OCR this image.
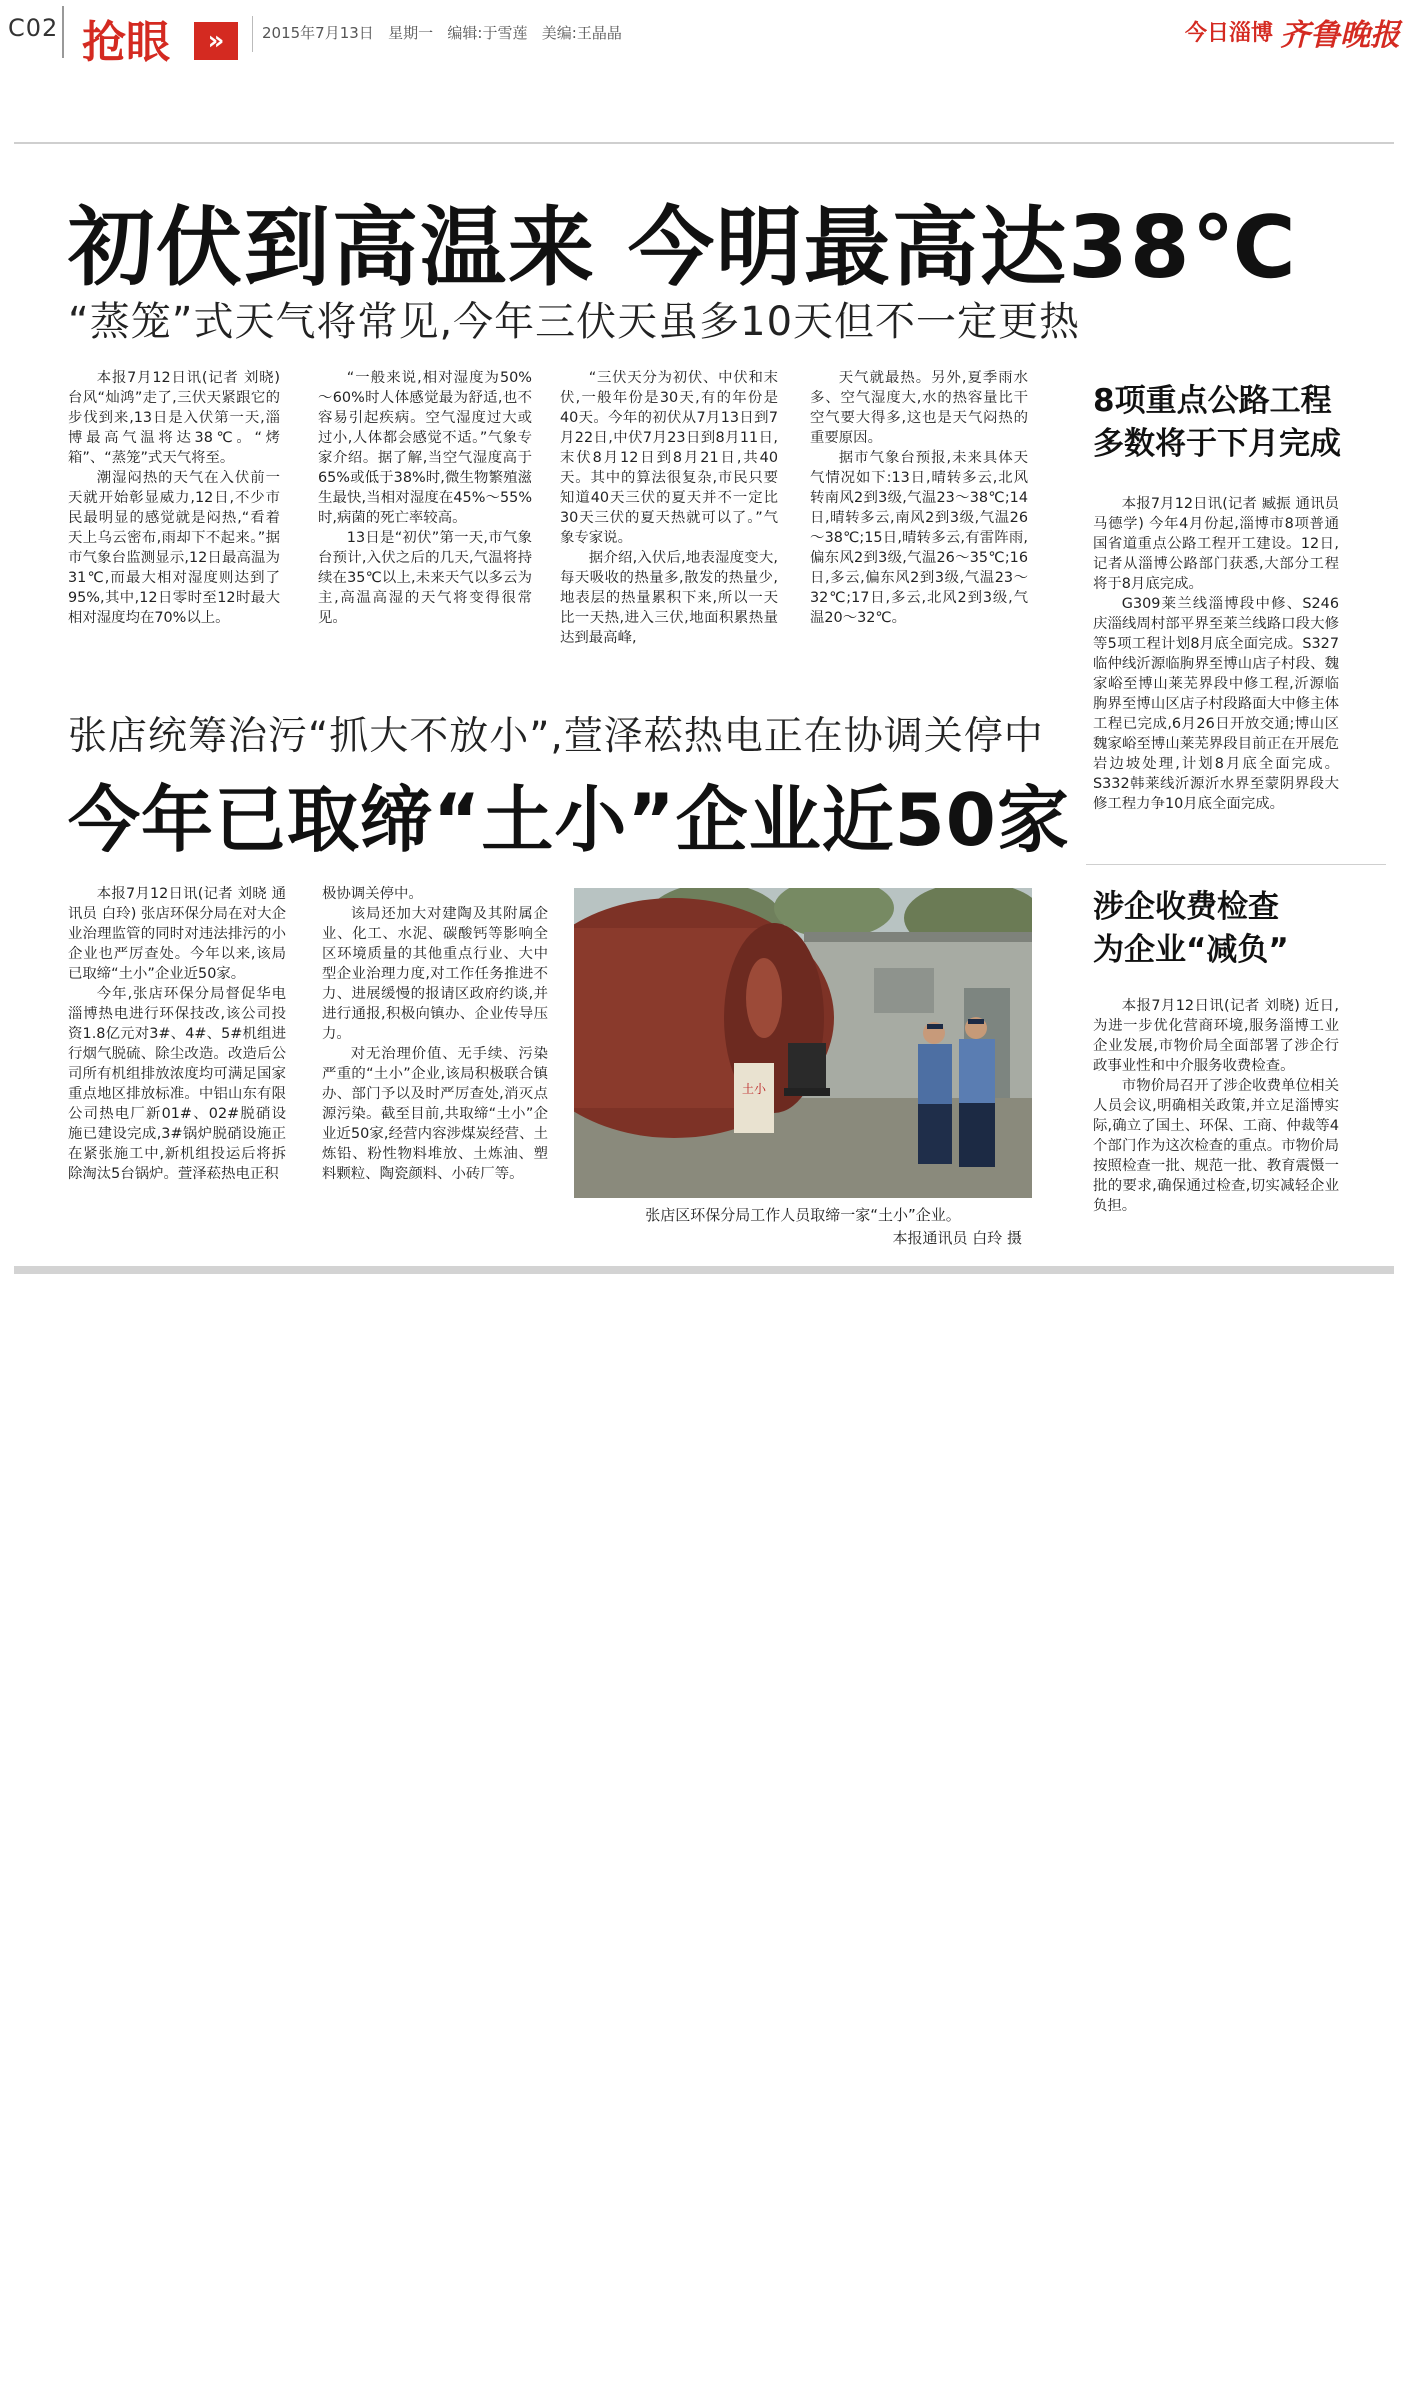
C02 抢眼	»	2015年7月13日   星期一   编辑:于雪莲   美编:王晶晶	今日淄博 齐鲁晚报
初伏到高温来 今明最高达38℃
“蒸笼”式天气将常见,今年三伏天虽多10天但不一定更热

本报7月12日讯(记者 刘晓) 台风“灿鸿”走了,三伏天紧跟它的步伐到来,13日是入伏第一天,淄博最高气温将达38℃。“烤箱”、“蒸笼”式天气将至。

潮湿闷热的天气在入伏前一天就开始彰显威力,12日,不少市民最明显的感觉就是闷热,“看着天上乌云密布,雨却下不起来。”据市气象台监测显示,12日最高温为31℃,而最大相对湿度则达到了95%,其中,12日零时至12时最大相对湿度均在70%以上。

“一般来说,相对湿度为50%～60%时人体感觉最为舒适,也不容易引起疾病。空气湿度过大或过小,人体都会感觉不适。”气象专家介绍。据了解,当空气湿度高于65%或低于38%时,微生物繁殖滋生最快,当相对湿度在45%～55%时,病菌的死亡率较高。

13日是“初伏”第一天,市气象台预计,入伏之后的几天,气温将持续在35℃以上,未来天气以多云为主,高温高湿的天气将变得很常见。

“三伏天分为初伏、中伏和末伏,一般年份是30天,有的年份是40天。今年的初伏从7月13日到7月22日,中伏7月23日到8月11日,末伏8月12日到8月21日,共40天。其中的算法很复杂,市民只要知道40天三伏的夏天并不一定比30天三伏的夏天热就可以了。”气象专家说。

据介绍,入伏后,地表湿度变大,每天吸收的热量多,散发的热量少,地表层的热量累积下来,所以一天比一天热,进入三伏,地面积累热量达到最高峰,

天气就最热。另外,夏季雨水多、空气湿度大,水的热容量比干空气要大得多,这也是天气闷热的重要原因。

据市气象台预报,未来具体天气情况如下:13日,晴转多云,北风转南风2到3级,气温23～38℃;14日,晴转多云,南风2到3级,气温26～38℃;15日,晴转多云,有雷阵雨,偏东风2到3级,气温26～35℃;16日,多云,偏东风2到3级,气温23～32℃;17日,多云,北风2到3级,气温20～32℃。

张店统筹治污“抓大不放小”,萱泽菘热电正在协调关停中
今年已取缔“土小”企业近50家

本报7月12日讯(记者 刘晓 通讯员 白玲) 张店环保分局在对大企业治理监管的同时对违法排污的小企业也严厉查处。今年以来,该局已取缔“土小”企业近50家。

今年,张店环保分局督促华电淄博热电进行环保技改,该公司投资1.8亿元对3#、4#、5#机组进行烟气脱硫、除尘改造。改造后公司所有机组排放浓度均可满足国家重点地区排放标准。中铝山东有限公司热电厂新01#、02#脱硝设施已建设完成,3#锅炉脱硝设施正在紧张施工中,新机组投运后将拆除淘汰5台锅炉。萱泽菘热电正积

极协调关停中。

该局还加大对建陶及其附属企业、化工、水泥、碳酸钙等影响全区环境质量的其他重点行业、大中型企业治理力度,对工作任务推进不力、进展缓慢的报请区政府约谈,并进行通报,积极向镇办、企业传导压力。

对无治理价值、无手续、污染严重的“土小”企业,该局积极联合镇办、部门予以及时严厉查处,消灭点源污染。截至目前,共取缔“土小”企业近50家,经营内容涉煤炭经营、土炼铅、粉性物料堆放、土炼油、塑料颗粒、陶瓷颜料、小砖厂等。

土小
张店区环保分局工作人员取缔一家“土小”企业。
本报通讯员 白玲 摄
8项重点公路工程
多数将于下月完成

本报7月12日讯(记者 臧振 通讯员 马德学) 今年4月份起,淄博市8项普通国省道重点公路工程开工建设。12日,记者从淄博公路部门获悉,大部分工程将于8月底完成。

G309莱兰线淄博段中修、S246庆淄线周村部平界至莱兰线路口段大修等5项工程计划8月底全面完成。S327临仲线沂源临朐界至博山店子村段、魏家峪至博山莱芜界段中修工程,沂源临朐界至博山区店子村段路面大中修主体工程已完成,6月26日开放交通;博山区魏家峪至博山莱芜界段目前正在开展危岩边坡处理,计划8月底全面完成。S332韩莱线沂源沂水界至蒙阴界段大修工程力争10月底全面完成。

涉企收费检查
为企业“减负”

本报7月12日讯(记者 刘晓) 近日,为进一步优化营商环境,服务淄博工业企业发展,市物价局全面部署了涉企行政事业性和中介服务收费检查。

市物价局召开了涉企收费单位相关人员会议,明确相关政策,并立足淄博实际,确立了国土、环保、工商、仲裁等4个部门作为这次检查的重点。市物价局按照检查一批、规范一批、教育震慑一批的要求,确保通过检查,切实减轻企业负担。
